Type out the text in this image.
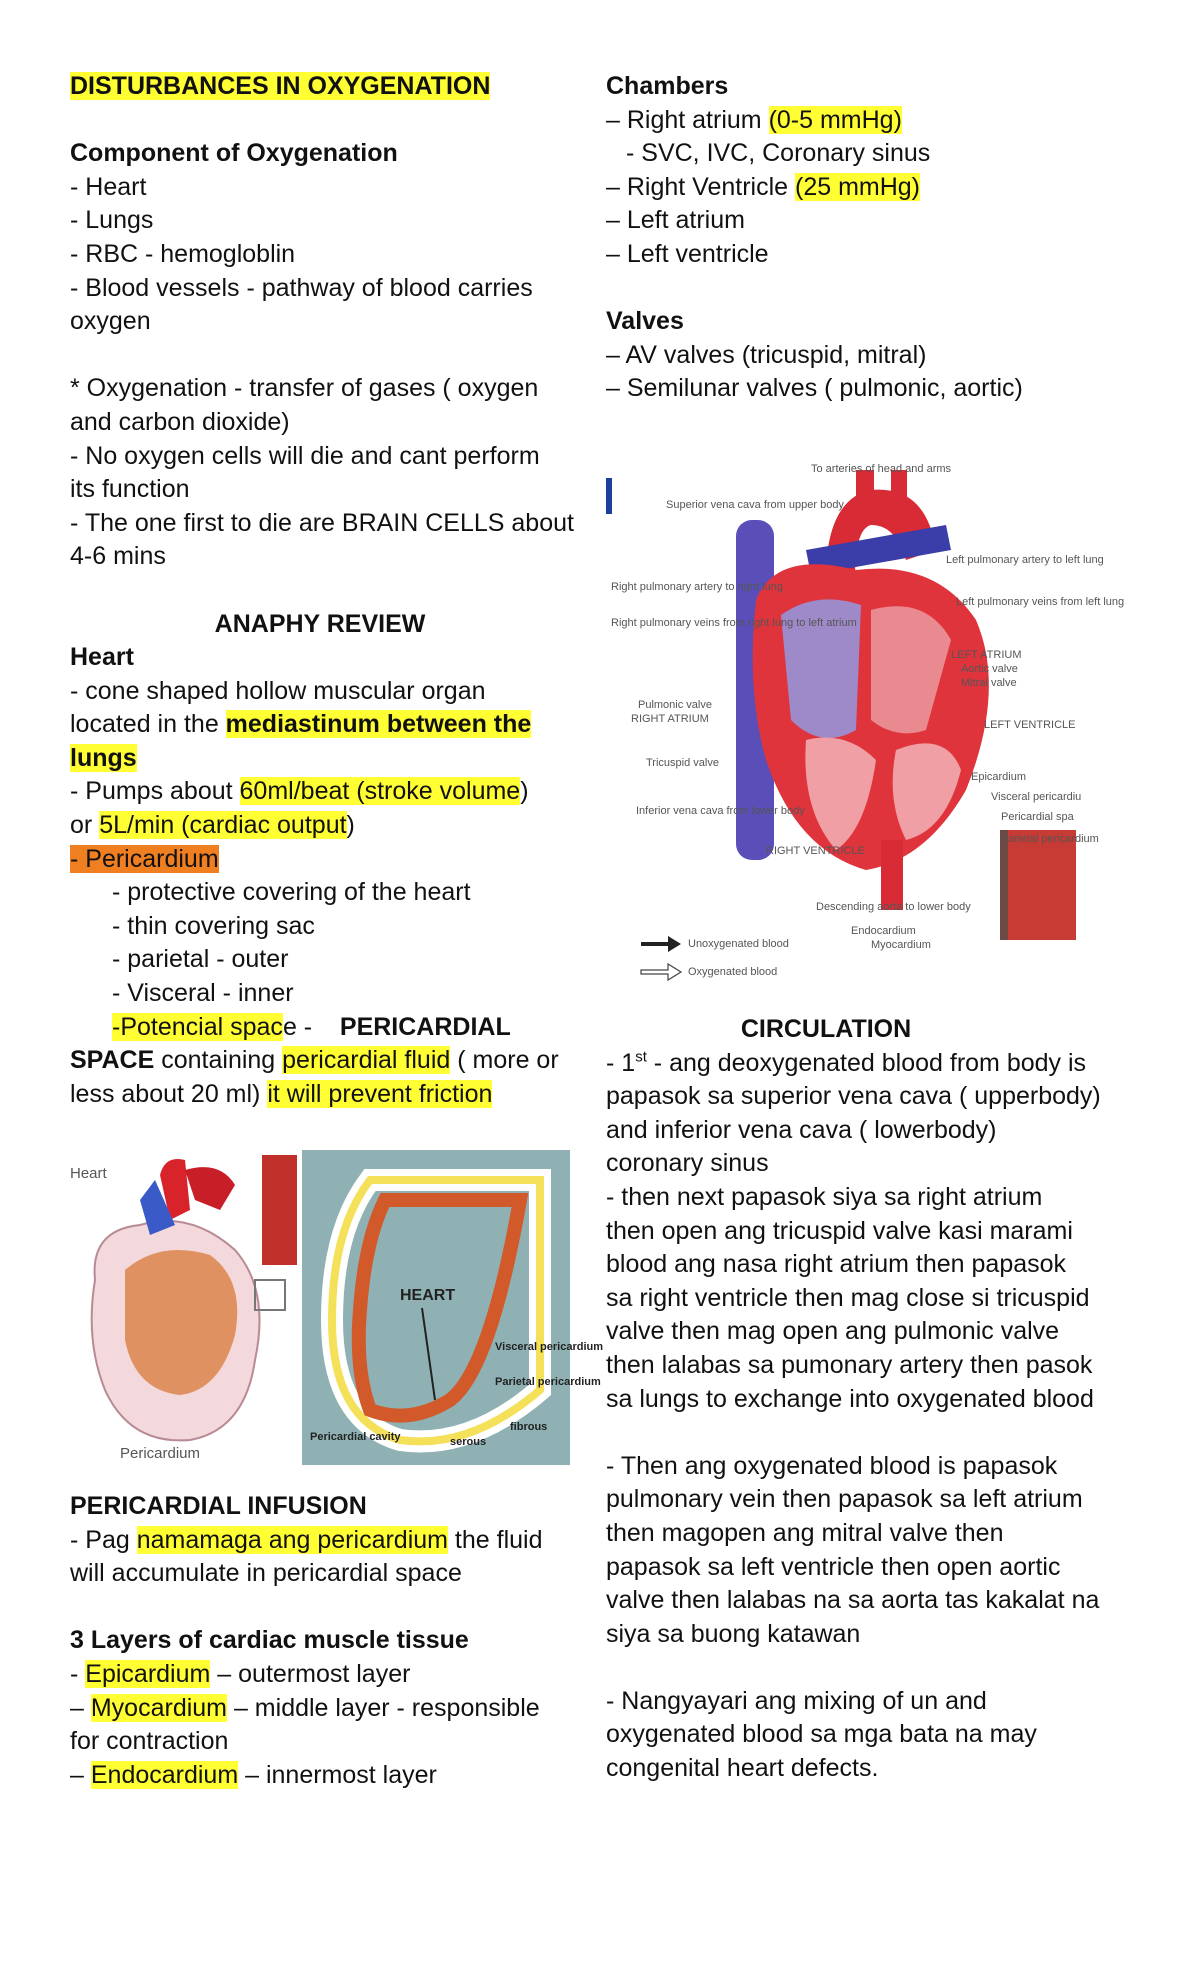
DISTURBANCES IN OXYGENATION
Component of Oxygenation
- Heart
- Lungs
- RBC - hemogloblin
- Blood vessels - pathway of blood carries
oxygen
* Oxygenation - transfer of gases ( oxygen
and carbon dioxide)
- No oxygen cells will die and cant perform
its function
- The one first to die are BRAIN CELLS about
4-6 mins
ANAPHY REVIEW
Heart
- cone shaped hollow muscular organ
located in the mediastinum between the
lungs
- Pumps about 60ml/beat (stroke volume)
or 5L/min (cardiac output)
- Pericardium
- protective covering of the heart
- thin covering sac
- parietal - outer
- Visceral - inner
-Potencial space -    PERICARDIAL
SPACE containing pericardial fluid ( more or
less about 20 ml) it will prevent friction
Heart
Pericardium
HEART
Visceral pericardium
Parietal pericardium
fibrous
serous
Pericardial cavity
PERICARDIAL INFUSION
- Pag namamaga ang pericardium the fluid
will accumulate in pericardial space
3 Layers of cardiac muscle tissue
- Epicardium – outermost layer
– Myocardium – middle layer - responsible
for contraction
– Endocardium – innermost layer
Chambers
– Right atrium (0-5 mmHg)
- SVC, IVC, Coronary sinus
– Right Ventricle (25 mmHg)
– Left atrium
– Left ventricle
Valves
– AV valves (tricuspid, mitral)
– Semilunar valves ( pulmonic, aortic)
To arteries of head and arms
Superior vena cava from upper body
Left pulmonary artery to left lung
Right pulmonary artery to right lung
Left pulmonary veins from left lung
Right pulmonary veins from right lung to left atrium
LEFT ATRIUM
Aortic valve
Mitral valve
Pulmonic valve
RIGHT ATRIUM	LEFT VENTRICLE
Tricuspid valve
Epicardium
Visceral pericardiu
Pericardial spa
Inferior vena cava from lower body
Parietal pericardium
RIGHT VENTRICLE
Descending aorta to lower body
Endocardium
Myocardium
Unoxygenated blood
Oxygenated blood
CIRCULATION
- 1st - ang deoxygenated blood from body is
papasok sa superior vena cava ( upperbody)
and inferior vena cava ( lowerbody)
coronary sinus
- then next papasok siya sa right atrium
then open ang tricuspid valve kasi marami
blood ang nasa right atrium then papasok
sa right ventricle then mag close si tricuspid
valve then mag open ang pulmonic valve
then lalabas sa pumonary artery then pasok
sa lungs to exchange into oxygenated blood
- Then ang oxygenated blood is papasok
pulmonary vein then papasok sa left atrium
then magopen ang mitral valve then
papasok sa left ventricle then open aortic
valve then lalabas na sa aorta tas kakalat na
siya sa buong katawan
- Nangyayari ang mixing of un and
oxygenated blood sa mga bata na may
congenital heart defects.
